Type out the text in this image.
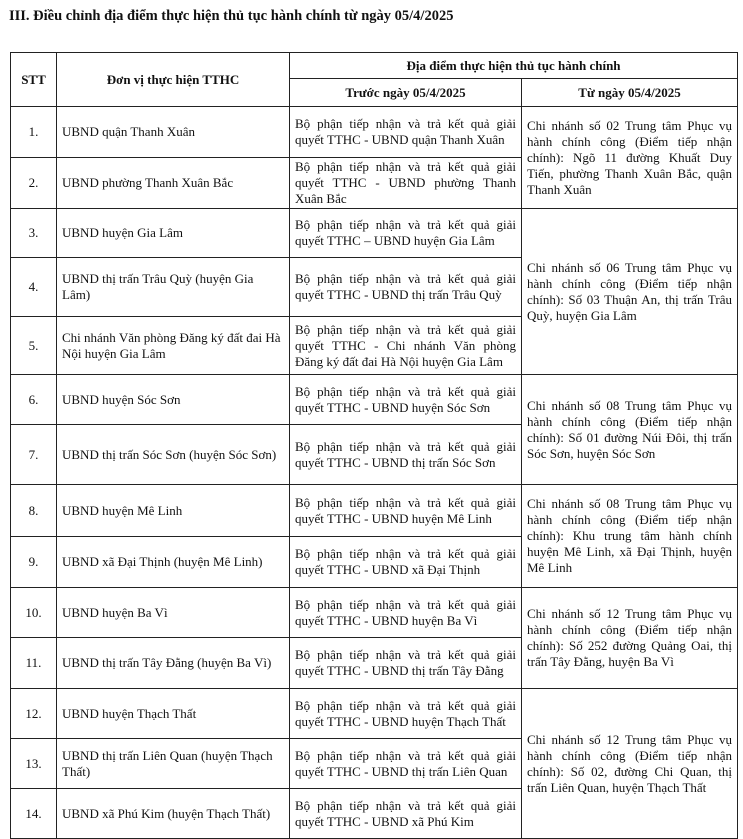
III. Điều chỉnh địa điểm thực hiện thủ tục hành chính từ ngày 05/4/2025
STT	Đơn vị thực hiện TTHC	Địa điểm thực hiện thủ tục hành chính	
		Trước ngày 05/4/2025	Từ ngày 05/4/2025
1.	UBND quận Thanh Xuân	Bộ phận tiếp nhận và trả kết quả giải quyết TTHC - UBND quận Thanh Xuân	Chi nhánh số 02 Trung tâm Phục vụ hành chính công (Điểm tiếp nhận chính): Ngõ 11 đường Khuất Duy Tiến, phường Thanh Xuân Bắc, quận Thanh Xuân
2.	UBND phường Thanh Xuân Bắc	Bộ phận tiếp nhận và trả kết quả giải quyết TTHC - UBND phường Thanh Xuân Bắc	
3.	UBND huyện Gia Lâm	Bộ phận tiếp nhận và trả kết quả giải quyết TTHC – UBND huyện Gia Lâm	Chi nhánh số 06 Trung tâm Phục vụ hành chính công (Điểm tiếp nhận chính): Số 03 Thuận An, thị trấn Trâu Quỳ, huyện Gia Lâm
4.	UBND thị trấn Trâu Quỳ (huyện Gia Lâm)	Bộ phận tiếp nhận và trả kết quả giải quyết TTHC - UBND thị trấn Trâu Quỳ	
5.	Chi nhánh Văn phòng Đăng ký đất đai Hà Nội huyện Gia Lâm	Bộ phận tiếp nhận và trả kết quả giải quyết TTHC - Chi nhánh Văn phòng Đăng ký đất đai Hà Nội huyện Gia Lâm	
6.	UBND huyện Sóc Sơn	Bộ phận tiếp nhận và trả kết quả giải quyết TTHC - UBND huyện Sóc Sơn	Chi nhánh số 08 Trung tâm Phục vụ hành chính công (Điểm tiếp nhận chính): Số 01 đường Núi Đôi, thị trấn Sóc Sơn, huyện Sóc Sơn
7.	UBND thị trấn Sóc Sơn (huyện Sóc Sơn)	Bộ phận tiếp nhận và trả kết quả giải quyết TTHC - UBND thị trấn Sóc Sơn	
8.	UBND huyện Mê Linh	Bộ phận tiếp nhận và trả kết quả giải quyết TTHC - UBND huyện Mê Linh	Chi nhánh số 08 Trung tâm Phục vụ hành chính công (Điểm tiếp nhận chính): Khu trung tâm hành chính huyện Mê Linh, xã Đại Thịnh, huyện Mê Linh
9.	UBND xã Đại Thịnh (huyện Mê Linh)	Bộ phận tiếp nhận và trả kết quả giải quyết TTHC - UBND xã Đại Thịnh	
10.	UBND huyện Ba Vì	Bộ phận tiếp nhận và trả kết quả giải quyết TTHC - UBND huyện Ba Vì	Chi nhánh số 12 Trung tâm Phục vụ hành chính công (Điểm tiếp nhận chính): Số 252 đường Quảng Oai, thị trấn Tây Đằng, huyện Ba Vì
11.	UBND thị trấn Tây Đằng (huyện Ba Vì)	Bộ phận tiếp nhận và trả kết quả giải quyết TTHC - UBND thị trấn Tây Đằng	
12.	UBND huyện Thạch Thất	Bộ phận tiếp nhận và trả kết quả giải quyết TTHC - UBND huyện Thạch Thất	Chi nhánh số 12 Trung tâm Phục vụ hành chính công (Điểm tiếp nhận chính): Số 02, đường Chi Quan, thị trấn Liên Quan, huyện Thạch Thất
13.	UBND thị trấn Liên Quan (huyện Thạch Thất)	Bộ phận tiếp nhận và trả kết quả giải quyết TTHC - UBND thị trấn Liên Quan	
14.	UBND xã Phú Kim (huyện Thạch Thất)	Bộ phận tiếp nhận và trả kết quả giải quyết TTHC - UBND xã Phú Kim	
